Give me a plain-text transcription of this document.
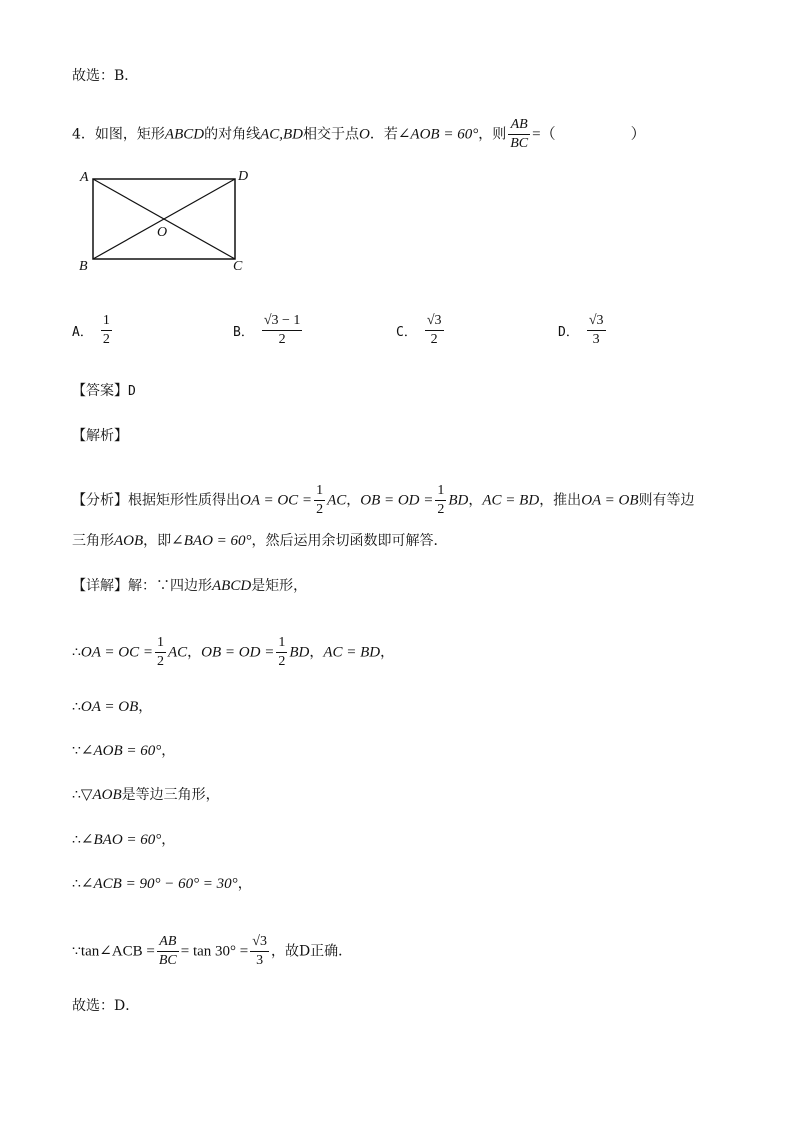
故选：B．
4．如图，矩形ABCD的对角线AC,BD相交于点O．若∠AOB = 60°，则 $\frac{AB}{BC}$ =（　　　　　）
A	D
B	C
O
A． $\frac{1}{2}$	B． $\frac{√3 - 1}{2}$	C． $\frac{√3}{2}$	D． $\frac{√3}{3}$
【答案】D
【解析】
【分析】根据矩形性质得出OA = OC = $\frac{1}{2}$ AC，OB = OD = $\frac{1}{2}$ BD，AC = BD，推出OA = OB则有等边
三角形AOB，即∠BAO = 60°，然后运用余切函数即可解答．
【详解】解：∵四边形ABCD是矩形，
∴OA = OC = $\frac{1}{2}$ AC，OB = OD = $\frac{1}{2}$ BD，AC = BD，
∴OA = OB，
∵∠AOB = 60°，
∴▽AOB是等边三角形，
∴∠BAO = 60°，
∴∠ACB = 90° − 60° = 30°，
∵tan∠ACB = $\frac{AB}{BC} = \tan 30^\circ = \frac{√3}{3}$ ，故D正确．
故选：D．
